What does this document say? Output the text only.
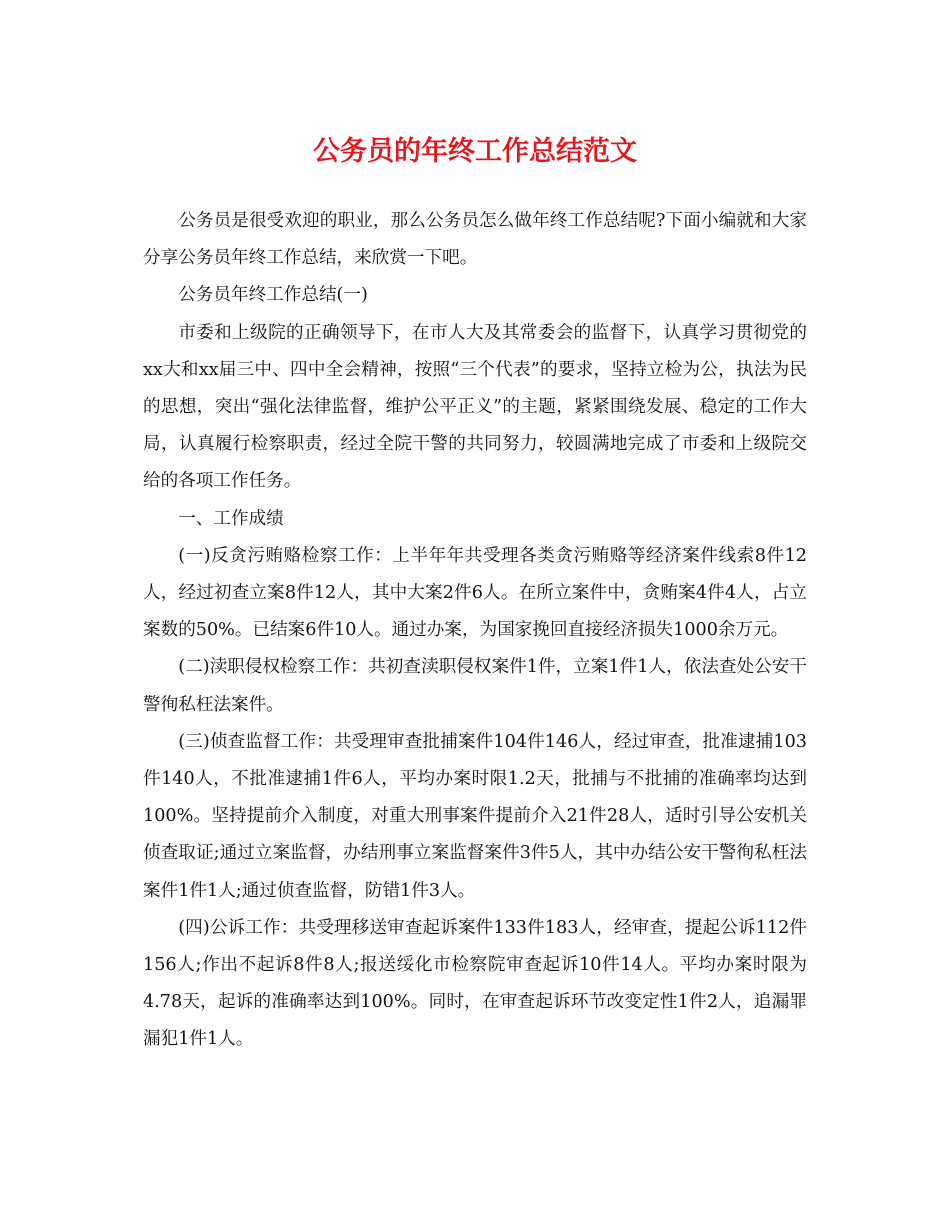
公务员的年终工作总结范文

公务员是很受欢迎的职业，那么公务员怎么做年终工作总结呢?下面小编就和大家分享公务员年终工作总结，来欣赏一下吧。

公务员年终工作总结(一)

市委和上级院的正确领导下，在市人大及其常委会的监督下，认真学习贯彻党的xx大和xx届三中、四中全会精神，按照“三个代表”的要求，坚持立检为公，执法为民的思想，突出“强化法律监督，维护公平正义”的主题，紧紧围绕发展、稳定的工作大局，认真履行检察职责，经过全院干警的共同努力，较圆满地完成了市委和上级院交给的各项工作任务。

一、工作成绩

(一)反贪污贿赂检察工作：上半年年共受理各类贪污贿赂等经济案件线索8件12人，经过初查立案8件12人，其中大案2件6人。在所立案件中，贪贿案4件4人，占立案数的50%。已结案6件10人。通过办案，为国家挽回直接经济损失1000余万元。

(二)渎职侵权检察工作：共初查渎职侵权案件1件，立案1件1人，依法查处公安干警徇私枉法案件。

(三)侦查监督工作：共受理审查批捕案件104件146人，经过审查，批准逮捕103件140人，不批准逮捕1件6人，平均办案时限1.2天，批捕与不批捕的准确率均达到100%。坚持提前介入制度，对重大刑事案件提前介入21件28人，适时引导公安机关侦查取证;通过立案监督，办结刑事立案监督案件3件5人，其中办结公安干警徇私枉法案件1件1人;通过侦查监督，防错1件3人。

(四)公诉工作：共受理移送审查起诉案件133件183人，经审查，提起公诉112件156人;作出不起诉8件8人;报送绥化市检察院审查起诉10件14人。平均办案时限为4.78天，起诉的准确率达到100%。同时，在审查起诉环节改变定性1件2人，追漏罪漏犯1件1人。
